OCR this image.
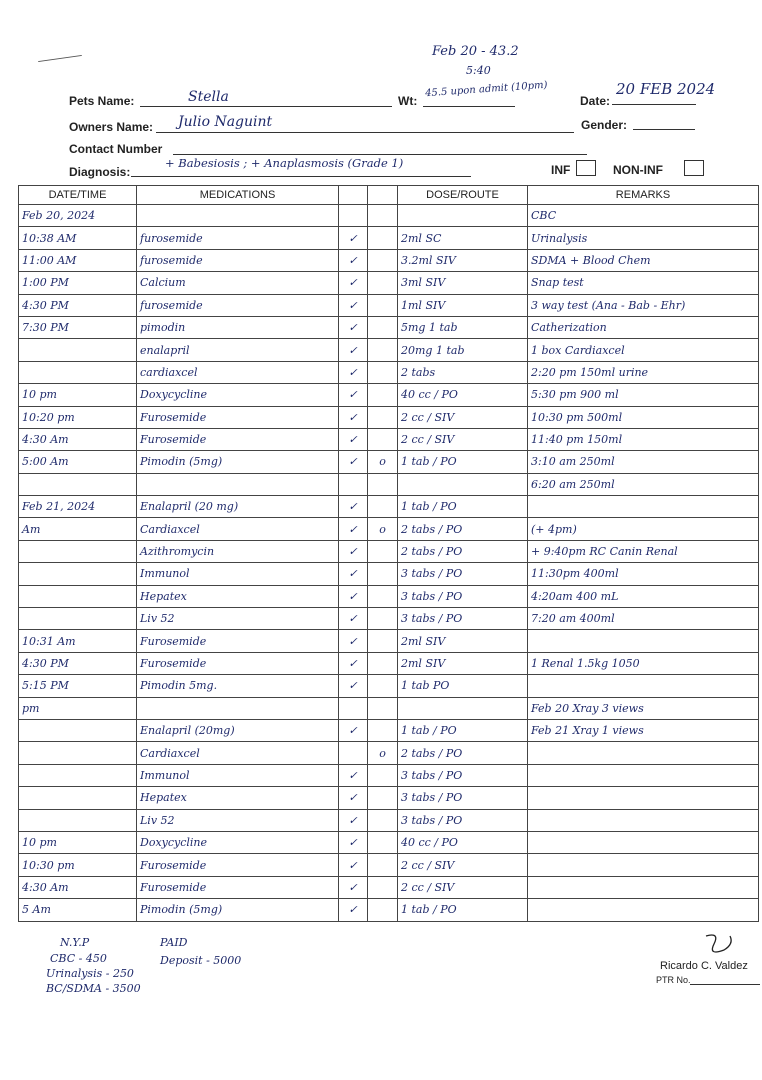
Feb 20 - 43.2
5:40
Pets Name:	Stella	Wt:
45.5 upon admit (10pm)
Date:
20 FEB 2024
Owners Name: Julio Naguint	Gender:
Contact Number
Diagnosis:
+ Babesiosis ; + Anaplasmosis (Grade 1)	INF	NON-INF
DATE/TIME	MEDICATIONS			DOSE/ROUTE	REMARKS
Feb 20, 2024					CBC
10:38 AM	furosemide	✓		2ml SC	Urinalysis
11:00 AM	furosemide	✓		3.2ml SIV	SDMA + Blood Chem
1:00 PM	Calcium	✓		3ml SIV	Snap test
4:30 PM	furosemide	✓		1ml SIV	3 way test (Ana - Bab - Ehr)
7:30 PM	pimodin	✓		5mg 1 tab	Catherization
	enalapril	✓		20mg 1 tab	1 box Cardiaxcel
	cardiaxcel	✓		2 tabs	2:20 pm 150ml urine
10 pm	Doxycycline	✓		40 cc / PO	5:30 pm 900 ml
10:20 pm	Furosemide	✓		2 cc / SIV	10:30 pm 500ml
4:30 Am	Furosemide	✓		2 cc / SIV	11:40 pm 150ml
5:00 Am	Pimodin (5mg)	✓	o	1 tab / PO	3:10 am 250ml
					6:20 am 250ml
Feb 21, 2024	Enalapril (20 mg)	✓		1 tab / PO	
Am	Cardiaxcel	✓	o	2 tabs / PO	(+ 4pm)
	Azithromycin	✓		2 tabs / PO	+ 9:40pm RC Canin Renal
	Immunol	✓		3 tabs / PO	11:30pm 400ml
	Hepatex	✓		3 tabs / PO	4:20am 400 mL
	Liv 52	✓		3 tabs / PO	7:20 am 400ml
10:31 Am	Furosemide	✓		2ml SIV	
4:30 PM	Furosemide	✓		2ml SIV	1 Renal 1.5kg 1050
5:15 PM	Pimodin 5mg.	✓		1 tab PO	
pm					Feb 20 Xray 3 views
	Enalapril (20mg)	✓		1 tab / PO	Feb 21 Xray 1 views
	Cardiaxcel		o	2 tabs / PO	
	Immunol	✓		3 tabs / PO	
	Hepatex	✓		3 tabs / PO	
	Liv 52	✓		3 tabs / PO	
10 pm	Doxycycline	✓		40 cc / PO	
10:30 pm	Furosemide	✓		2 cc / SIV	
4:30 Am	Furosemide	✓		2 cc / SIV	
5 Am	Pimodin (5mg)	✓		1 tab / PO	
N.Y.P
CBC - 450
Urinalysis - 250
BC/SDMA - 3500
PAID
Deposit - 5000	Ricardo C. Valdez
PTR No.
